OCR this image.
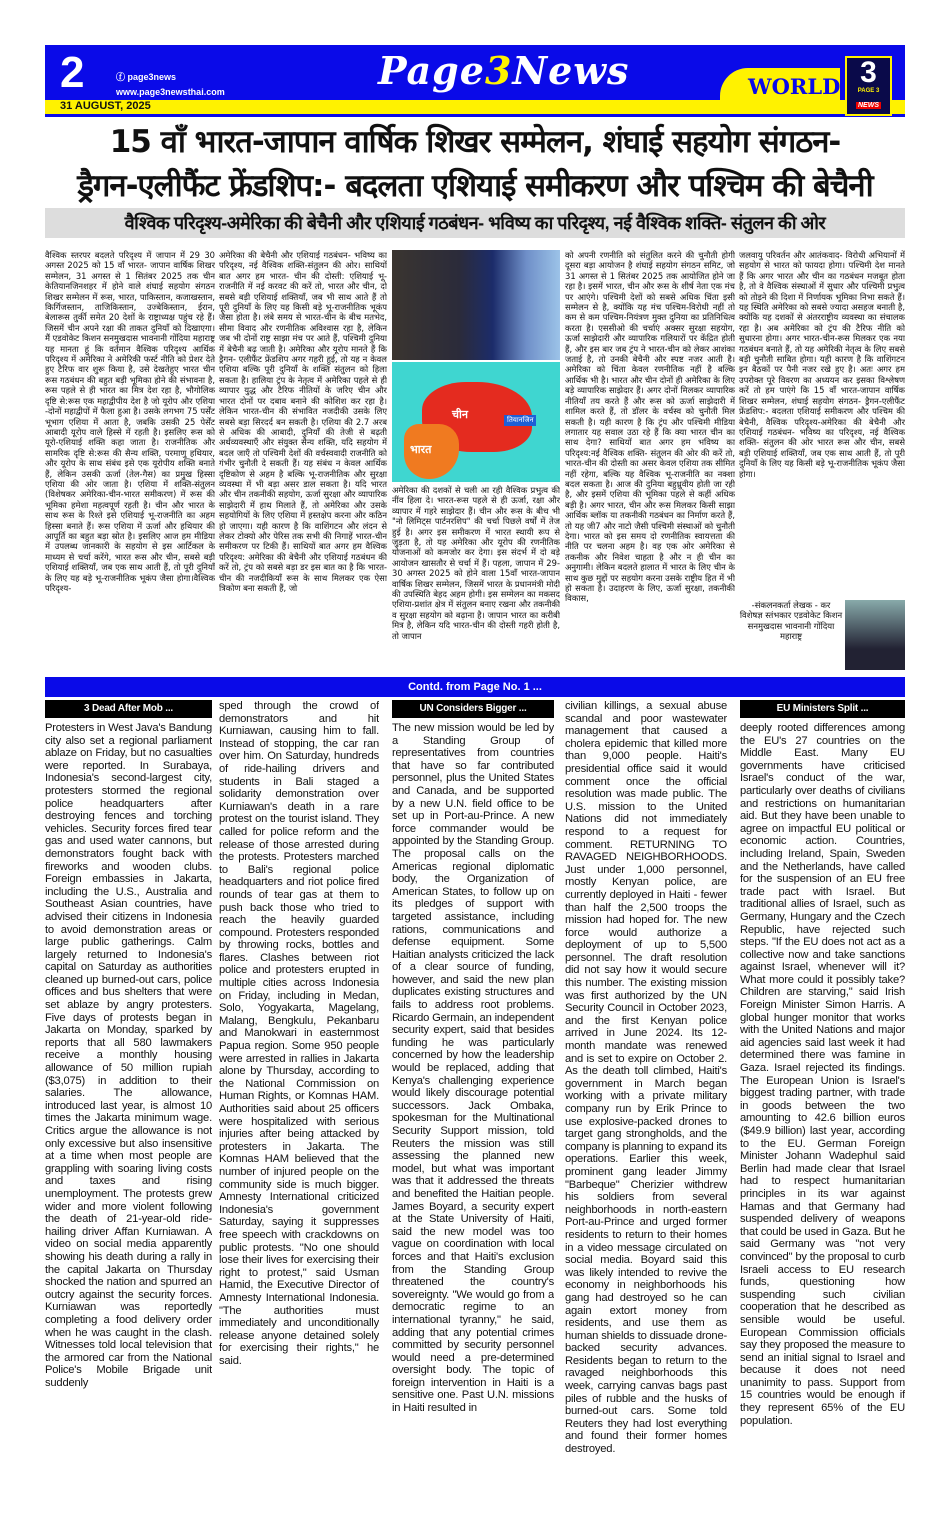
2	ⓕ page3news
www.page3newsthai.com
31 AUGUST, 2025
Page3News	WORLD 3
PAGE 3
NEWS
15 वाँ भारत-जापान वार्षिक शिखर सम्मेलन, शंघाई सहयोग संगठन-
ड्रैगन-एलीफैंट फ्रेंडशिप:- बदलता एशियाई समीकरण और पश्चिम की बेचैनी
वैश्विक परिदृश्य-अमेरिका की बेचैनी और एशियाई गठबंधन- भविष्य का परिदृश्य, नई वैश्विक शक्ति- संतुलन की ओर
वैश्विक स्तरपर बदलते परिदृश्य में जापान में 29 30 अगस्त 2025 को 15 वाँ भारत- जापान वार्षिक शिखर सम्मेलन, 31 अगस्त से 1 सितंबर 2025 तक चीन केतियानजिनशहर में होने वाले शंघाई सहयोग संगठन शिखर सम्मेलन में रूस, भारत, पाकिस्तान, कजाखस्तान, किर्गिजस्तान, ताजिकिस्तान, उज्बेकिस्तान, ईरान, बेलारूस तुर्की समेत 20 देशों के राष्ट्राध्यक्ष पहुंच रहे हैं।जिसमें चीन अपने रक्षा की ताकत दुनियाँ को दिखाएगा। मैं एडवोकेट किशन सनमुखदास भावनानी गोंदिया महाराष्ट्र यह मानता हूं कि वर्तमान वैश्विक परिदृश्य आर्थिक परिदृश्य में अमेरिका ने अमेरिकी फर्स्ट नीति को प्रेशर देते हुए टैरिफ वार शुरू किया है, उसे देखतेहुए भारत चीन रूस गठबंधन की बहुत बड़ी भूमिका होने की संभावना है, रूस पहले से ही भारत का मित्र देश रहा है, भौगोलिक दृष्टि से:रूस एक महाद्वीपीय देश है जो यूरोप और एशिया -दोनों महाद्वीपों में फैला हुआ है। उसके लगभग 75 पर्सेंट भूभाग एशिया में आता है, जबकि उसकी 25 पेर्सेंट आबादी यूरोप वाले हिस्से में रहती है। इसलिए रूस को यूरो-एशियाई शक्ति कहा जाता है। राजनीतिक और सामरिक दृष्टि से:रूस की सैन्य शक्ति, परमाणु हथियार, और यूरोप के साथ संबंध इसे एक यूरोपीय शक्ति बनाते हैं, लेकिन उसकी ऊर्जा (तेल-गैस) का प्रमुख हिस्सा एशिया की ओर जाता है। एशिया में शक्ति-संतुलन (विशेषकर अमेरिका-चीन-भारत समीकरण) में रूस की भूमिका हमेशा महत्वपूर्ण रहती है। चीन और भारत के साथ रूस के रिश्ते इसे एशियाई भू-राजनीति का अहम हिस्सा बनाते हैं। रूस एशिया में ऊर्जा और हथियार की आपूर्ति का बहुत बड़ा स्रोत है। इसलिए आज हम मीडिया में उपलब्ध जानकारी के सहयोग से इस आर्टिकल के माध्यम से चर्चा करेंगे, भारत रूस और चीन, सबसे बड़ी एशियाई शक्तियाँ, जब एक साथ आती हैं, तो पूरी दुनियाँ के लिए यह बड़े भू-राजनीतिक भूकंप जैसा होगा।वैश्विक परिदृश्य-
अमेरिका की बेचैनी और एशियाई गठबंधन- भविष्य का परिदृश्य, नई वैश्विक शक्ति-संतुलन की ओर। साथियों बात अगर हम भारत- चीन की दोस्ती: एशियाई भू-राजनीति में नई करवट की करें तो, भारत और चीन, दो सबसे बड़ी एशियाई शक्तियाँ, जब भी साथ आते हैं तो पूरी दुनियाँ के लिए यह किसी बड़े भू-राजनीतिक भूकंप जैसा होता है। लंबे समय से भारत-चीन के बीच मतभेद, सीमा विवाद और रणनीतिक अविश्वास रहा है, लेकिन जब भी दोनों राष्ट्र साझा मंच पर आते हैं, पश्चिमी दुनिया में बेचैनी बढ़ जाती है। अमेरिका और यूरोप मानते हैं कि ड्रैगन- एलीफैंट फ्रेंडशिप अगर गहरी हुई, तो यह न केवल एशिया बल्कि पूरी दुनियाँ के शक्ति संतुलन को हिला सकता है। हालिया ट्रंप के नेतृत्व में अमेरिका पहले से ही व्यापार युद्ध और टैरिफ नीतियों के जरिए चीन और भारत दोनों पर दबाव बनाने की कोशिश कर रहा है। लेकिन भारत-चीन की संभावित नजदीकी उसके लिए सबसे बड़ा सिरदर्द बन सकती है। एशिया की 2.7 अरब से अधिक की आबादी, दुनियाँ की तेजी से बढ़ती अर्थव्यवस्थाएँ और संयुक्त सैन्य शक्ति, यदि सहयोग में बदल जाएँ तो पश्चिमी देशों की वर्चस्ववादी राजनीति को गंभीर चुनौती दे सकती हैं। यह संबंध न केवल आर्थिक दृष्टिकोण से अहम है बल्कि भू-राजनीतिक और सुरक्षा व्यवस्था में भी बड़ा असर डाल सकता है। यदि भारत और चीन तकनीकी सहयोग, ऊर्जा सुरक्षा और व्यापारिक साझेदारी में हाथ मिलाते हैं, तो अमेरिका और उसके सहयोगियों के लिए एशिया में हस्तक्षेप करना और कठिन हो जाएगा। यही कारण है कि वाशिंगटन और लंदन से लेकर टोक्यो और पेरिस तक सभी की निगाहें भारत-चीन समीकरण पर टिकी हैं। साथियों बात अगर हम वैश्विक परिदृश्य: अमेरिका की बेचैनी और एशियाई गठबंधन की करें तो, ट्रंप को सबसे बड़ा डर इस बात का है कि भारत-चीन की नजदीकियाँ रूस के साथ मिलकर एक ऐसा त्रिकोण बना सकती हैं, जो
चीन
भारत
तियानजिन
अमेरिका की दशकों से चली आ रही वैश्विक प्रभुत्व की नींव हिला दे। भारत-रूस पहले से ही ऊर्जा, रक्षा और व्यापार में गहरे साझेदार हैं। चीन और रूस के बीच भी "नो लिमिट्स पार्टनरशिप" की चर्चा पिछले वर्षों में तेज हुई है। अगर इस समीकरण में भारत स्थायी रूप से जुड़ता है, तो यह अमेरिका और यूरोप की रणनीतिक योजनाओं को कमजोर कर देगा। इस संदर्भ में दो बड़े आयोजन खासतौर से चर्चा में हैं। पहला, जापान में 29-30 अगस्त 2025 को होने वाला 15वाँ भारत-जापान वार्षिक शिखर सम्मेलन, जिसमें भारत के प्रधानमंत्री मोदी की उपस्थिति बेहद अहम होगी। इस सम्मेलन का मकसद एशिया-प्रशांत क्षेत्र में संतुलन बनाए रखना और तकनीकी व सुरक्षा सहयोग को बढ़ाना है। जापान भारत का करीबी मित्र है, लेकिन यदि भारत-चीन की दोस्ती गहरी होती है, तो जापान
को अपनी रणनीति को संतुलित करने की चुनौती होगी दूसरा बड़ा आयोजन है शंघाई सहयोग संगठन समिट, जो 31 अगस्त से 1 सितंबर 2025 तक आयोजित होने जा रहा है। इसमें भारत, चीन और रूस के शीर्ष नेता एक मंच पर आएंगे। पश्चिमी देशों को सबसे अधिक चिंता इसी सम्मेलन से है, क्योंकि यह मंच पश्चिम-विरोधी नहीं तो कम से कम पश्चिम-नियंत्रण मुक्त दुनिया का प्रतिनिधित्व करता है। एससीओ की चर्चाएं अक्सर सुरक्षा सहयोग, ऊर्जा साझेदारी और व्यापारिक गलियारों पर केंद्रित होती हैं, और इस बार जब ट्रंप ने भारत-चीन को लेकर आशंका जताई है, तो उनकी बेचैनी और स्पष्ट नजर आती है। अमेरिका को चिंता केवल रणनीतिक नहीं है बल्कि आर्थिक भी है। भारत और चीन दोनों ही अमेरिका के लिए बड़े व्यापारिक साझेदार हैं। अगर दोनों मिलकर व्यापारिक नीतियाँ तय करते हैं और रूस को ऊर्जा साझेदारी में शामिल करते हैं, तो डॉलर के वर्चस्व को चुनौती मिल सकती है। यही कारण है कि ट्रंप और पश्चिमी मीडिया लगातार यह सवाल उठा रहे हैं कि क्या भारत चीन का साथ देगा? साथियों बात अगर हम भविष्य का परिदृश्य:नई वैश्विक शक्ति- संतुलन की ओर की करें तो, भारत-चीन की दोस्ती का असर केवल एशिया तक सीमित नहीं रहेगा, बल्कि यह वैश्विक भू-राजनीति का नक्शा बदल सकता है। आज की दुनिया बहुध्रुवीय होती जा रही है, और इसमें एशिया की भूमिका पहले से कहीं अधिक बड़ी है। अगर भारत, चीन और रूस मिलकर किसी साझा आर्थिक ब्लॉक या तकनीकी गठबंधन का निर्माण करते हैं, तो यह जी7 और नाटो जैसी पश्चिमी संस्थाओं को चुनौती देगा। भारत को इस समय दो रणनीतिक स्वायत्तता की नीति पर चलना अहम है। वह एक ओर अमेरिका से तकनीक और निवेश चाहता है और न ही चीन का अनुगामी। लेकिन बदलते हालात में भारत के लिए चीन के साथ कुछ मुद्दों पर सहयोग करना उसके राष्ट्रीय हित में भी हो सकता है। उदाहरण के लिए, ऊर्जा सुरक्षा, तकनीकी विकास,
जलवायु परिवर्तन और आतंकवाद- विरोधी अभियानों में सहयोग से भारत को फायदा होगा। पश्चिमी देश मानते हैं कि अगर भारत और चीन का गठबंधन मजबूत होता है, तो वे वैश्विक संस्थाओं में सुधार और पश्चिमी प्रभुत्व को तोड़ने की दिशा में निर्णायक भूमिका निभा सकते हैं। यह स्थिति अमेरिका को सबसे ज्यादा असहज बनाती है, क्योंकि यह दशकों से अंतरराष्ट्रीय व्यवस्था का संचालक रहा है। अब अमेरिका को ट्रंप की टैरिफ नीति को सुधारना होगा। अगर भारत-चीन-रूस मिलकर एक नया गठबंधन बनाते हैं, तो यह अमेरिकी नेतृत्व के लिए सबसे बड़ी चुनौती साबित होगा। यही कारण है कि वाशिंगटन इन बैठकों पर पैनी नजर रखे हुए है। अतः अगर हम उपरोक्त पूरे विवरण का अध्ययन कर इसका विश्लेषण करें तो हम पाएंगे कि 15 वाँ भारत-जापान वार्षिक शिखर सम्मेलन, शंघाई सहयोग संगठन- ड्रैगन-एलीफैंट फ्रेंडशिप:- बदलता एशियाई समीकरण और पश्चिम की बेचैनी, वैश्विक परिदृश्य-अमेरिका की बेचैनी और एशियाई गठबंधन- भविष्य का परिदृश्य, नई वैश्विक शक्ति- संतुलन की ओर भारत रूस और चीन, सबसे बड़ी एशियाई शक्तियाँ, जब एक साथ आती हैं, तो पूरी दुनियाँ के लिए यह किसी बड़े भू-राजनीतिक भूकंप जैसा होगा।
-संकलनकर्ता लेखक - कर विशेषज्ञ स्तंभकार एडवोकेट किशन सनमुखदास भावनानी गोंदिया महाराष्ट्र
Contd. from Page No. 1 ...
3 Dead After Mob ...

Protesters in West Java's Bandung city also set a regional parliament ablaze on Friday, but no casualties were reported. In Surabaya, Indonesia's second-largest city, protesters stormed the regional police headquarters after destroying fences and torching vehicles. Security forces fired tear gas and used water cannons, but demonstrators fought back with fireworks and wooden clubs. Foreign embassies in Jakarta, including the U.S., Australia and Southeast Asian countries, have advised their citizens in Indonesia to avoid demonstration areas or large public gatherings. Calm largely returned to Indonesia's capital on Saturday as authorities cleaned up burned-out cars, police offices and bus shelters that were set ablaze by angry protesters. Five days of protests began in Jakarta on Monday, sparked by reports that all 580 lawmakers receive a monthly housing allowance of 50 million rupiah ($3,075) in addition to their salaries. The allowance, introduced last year, is almost 10 times the Jakarta minimum wage. Critics argue the allowance is not only excessive but also insensitive at a time when most people are grappling with soaring living costs and taxes and rising unemployment. The protests grew wider and more violent following the death of 21-year-old ride-hailing driver Affan Kurniawan. A video on social media apparently showing his death during a rally in the capital Jakarta on Thursday shocked the nation and spurred an outcry against the security forces. Kurniawan was reportedly completing a food delivery order when he was caught in the clash. Witnesses told local television that the armored car from the National Police's Mobile Brigade unit suddenly

sped through the crowd of demonstrators and hit Kurniawan, causing him to fall. Instead of stopping, the car ran over him. On Saturday, hundreds of ride-hailing drivers and students in Bali staged a solidarity demonstration over Kurniawan's death in a rare protest on the tourist island. They called for police reform and the release of those arrested during the protests. Protesters marched to Bali's regional police headquarters and riot police fired rounds of tear gas at them to push back those who tried to reach the heavily guarded compound. Protesters responded by throwing rocks, bottles and flares. Clashes between riot police and protesters erupted in multiple cities across Indonesia on Friday, including in Medan, Solo, Yogyakarta, Magelang, Malang, Bengkulu, Pekanbaru and Manokwari in easternmost Papua region. Some 950 people were arrested in rallies in Jakarta alone by Thursday, according to the National Commission on Human Rights, or Komnas HAM. Authorities said about 25 officers were hospitalized with serious injuries after being attacked by protesters in Jakarta. The Komnas HAM believed that the number of injured people on the community side is much bigger. Amnesty International criticized Indonesia's government Saturday, saying it suppresses free speech with crackdowns on public protests. "No one should lose their lives for exercising their right to protest," said Usman Hamid, the Executive Director of Amnesty International Indonesia. "The authorities must immediately and unconditionally release anyone detained solely for exercising their rights," he said.

UN Considers Bigger ...

The new mission would be led by a Standing Group of representatives from countries that have so far contributed personnel, plus the United States and Canada, and be supported by a new U.N. field office to be set up in Port-au-Prince. A new force commander would be appointed by the Standing Group. The proposal calls on the Americas regional diplomatic body, the Organization of American States, to follow up on its pledges of support with targeted assistance, including rations, communications and defense equipment. Some Haitian analysts criticized the lack of a clear source of funding, however, and said the new plan duplicates existing structures and fails to address root problems. Ricardo Germain, an independent security expert, said that besides funding he was particularly concerned by how the leadership would be replaced, adding that Kenya's challenging experience would likely discourage potential successors. Jack Ombaka, spokesman for the Multinational Security Support mission, told Reuters the mission was still assessing the planned new model, but what was important was that it addressed the threats and benefited the Haitian people. James Boyard, a security expert at the State University of Haiti, said the new model was too vague on coordination with local forces and that Haiti's exclusion from the Standing Group threatened the country's sovereignty. "We would go from a democratic regime to an international tyranny," he said, adding that any potential crimes committed by security personnel would need a pre-determined oversight body. The topic of foreign intervention in Haiti is a sensitive one. Past U.N. missions in Haiti resulted in

civilian killings, a sexual abuse scandal and poor wastewater management that caused a cholera epidemic that killed more than 9,000 people. Haiti's presidential office said it would comment once the official resolution was made public. The U.S. mission to the United Nations did not immediately respond to a request for comment. RETURNING TO RAVAGED NEIGHBORHOODS. Just under 1,000 personnel, mostly Kenyan police, are currently deployed in Haiti - fewer than half the 2,500 troops the mission had hoped for. The new force would authorize a deployment of up to 5,500 personnel. The draft resolution did not say how it would secure this number. The existing mission was first authorized by the UN Security Council in October 2023, and the first Kenyan police arrived in June 2024. Its 12-month mandate was renewed and is set to expire on October 2. As the death toll climbed, Haiti's government in March began working with a private military company run by Erik Prince to use explosive-packed drones to target gang strongholds, and the company is planning to expand its operations. Earlier this week, prominent gang leader Jimmy "Barbeque" Cherizier withdrew his soldiers from several neighborhoods in north-eastern Port-au-Prince and urged former residents to return to their homes in a video message circulated on social media. Boyard said this was likely intended to revive the economy in neighborhoods his gang had destroyed so he can again extort money from residents, and use them as human shields to dissuade drone-backed security advances. Residents began to return to the ravaged neighborhoods this week, carrying canvas bags past piles of rubble and the husks of burned-out cars. Some told Reuters they had lost everything and found their former homes destroyed.

EU Ministers Split ...

deeply rooted differences among the EU's 27 countries on the Middle East. Many EU governments have criticised Israel's conduct of the war, particularly over deaths of civilians and restrictions on humanitarian aid. But they have been unable to agree on impactful EU political or economic action. Countries, including Ireland, Spain, Sweden and the Netherlands, have called for the suspension of an EU free trade pact with Israel. But traditional allies of Israel, such as Germany, Hungary and the Czech Republic, have rejected such steps. "If the EU does not act as a collective now and take sanctions against Israel, whenever will it? What more could it possibly take? Children are starving," said Irish Foreign Minister Simon Harris. A global hunger monitor that works with the United Nations and major aid agencies said last week it had determined there was famine in Gaza. Israel rejected its findings. The European Union is Israel's biggest trading partner, with trade in goods between the two amounting to 42.6 billion euros ($49.9 billion) last year, according to the EU. German Foreign Minister Johann Wadephul said Berlin had made clear that Israel had to respect humanitarian principles in its war against Hamas and that Germany had suspended delivery of weapons that could be used in Gaza. But he said Germany was "not very convinced" by the proposal to curb Israeli access to EU research funds, questioning how suspending such civilian cooperation that he described as sensible would be useful. European Commission officials say they proposed the measure to send an initial signal to Israel and because it does not need unanimity to pass. Support from 15 countries would be enough if they represent 65% of the EU population.
